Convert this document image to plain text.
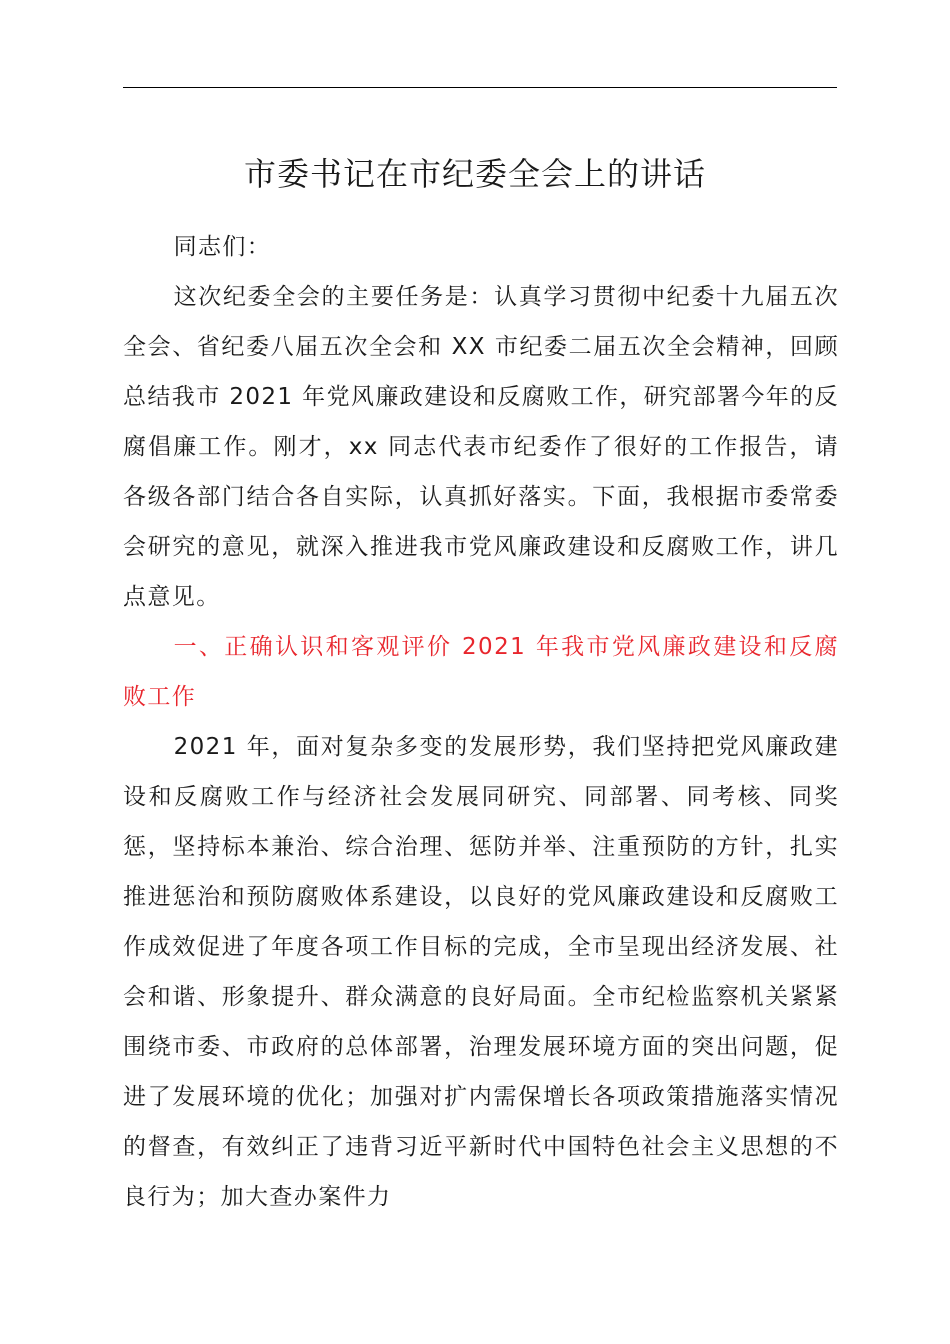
市委书记在市纪委全会上的讲话

同志们：

这次纪委全会的主要任务是：认真学习贯彻中纪委十九届五次全会、省纪委八届五次全会和 XX 市纪委二届五次全会精神，回顾总结我市 2021 年党风廉政建设和反腐败工作，研究部署今年的反腐倡廉工作。刚才，xx 同志代表市纪委作了很好的工作报告，请各级各部门结合各自实际，认真抓好落实。下面，我根据市委常委会研究的意见，就深入推进我市党风廉政建设和反腐败工作，讲几点意见。

一、正确认识和客观评价 2021 年我市党风廉政建设和反腐败工作

2021 年，面对复杂多变的发展形势，我们坚持把党风廉政建设和反腐败工作与经济社会发展同研究、同部署、同考核、同奖惩，坚持标本兼治、综合治理、惩防并举、注重预防的方针，扎实推进惩治和预防腐败体系建设，以良好的党风廉政建设和反腐败工作成效促进了年度各项工作目标的完成，全市呈现出经济发展、社会和谐、形象提升、群众满意的良好局面。全市纪检监察机关紧紧围绕市委、市政府的总体部署，治理发展环境方面的突出问题，促进了发展环境的优化；加强对扩内需保增长各项政策措施落实情况的督查，有效纠正了违背习近平新时代中国特色社会主义思想的不良行为；加大查办案件力
